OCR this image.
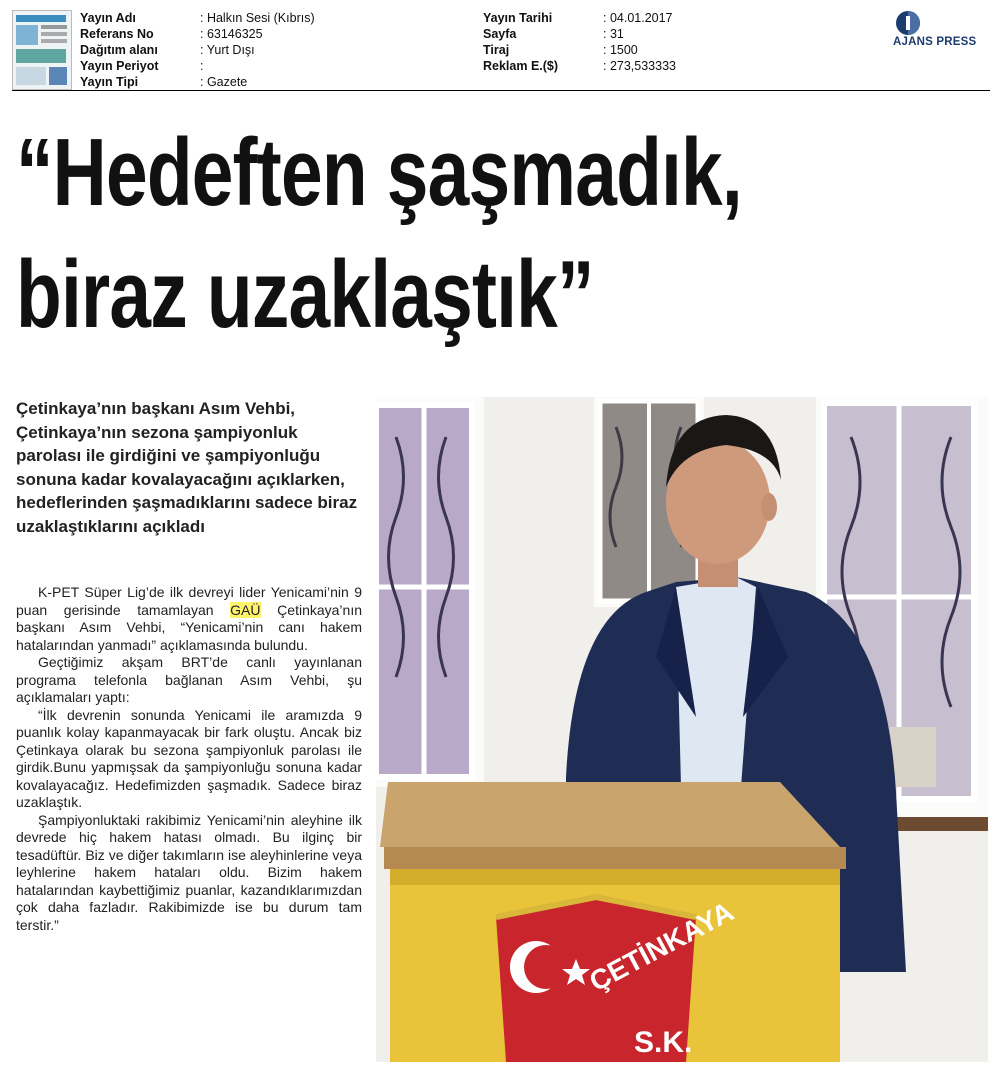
Yayın Adı	: Halkın Sesi (Kıbrıs)
Referans No	: 63146325
Dağıtım alanı	: Yurt Dışı
Yayın Periyot	:
Yayın Tipi	: Gazete
Yayın Tarihi	: 04.01.2017
Sayfa	: 31
Tiraj	: 1500
Reklam E.($)	: 273,533333
AJANS PRESS
“Hedeften şaşmadık,
biraz uzaklaştık”

Çetinkaya’nın başkanı Asım Vehbi, Çetinkaya’nın sezona şampiyonluk parolası ile girdiğini ve şampiyonluğu sonuna kadar kovalayacağını açıklarken, hedeflerinden şaşmadıklarını sadece biraz uzaklaştıklarını açıkladı

K-PET Süper Lig’de ilk devreyi lider Yenicami’nin 9 puan gerisinde tamamlayan GAÜ Çetinkaya’nın başkanı Asım Vehbi, “Yenicami’nin canı hakem hatalarından yanmadı” açıklamasında bulundu.

Geçtiğimiz akşam BRT’de canlı yayınlanan programa telefonla bağlanan Asım Vehbi, şu açıklamaları yaptı:

“İlk devrenin sonunda Yenicami ile aramızda 9 puanlık kolay kapanmayacak bir fark oluştu. Ancak biz Çetinkaya olarak bu sezona şampiyonluk parolası ile girdik.Bunu yapmışsak da şampiyonluğu sonuna kadar kovalayacağız. Hedefimizden şaşmadık. Sadece biraz uzaklaştık.

Şampiyonluktaki rakibimiz Yenicami’nin aleyhine ilk devrede hiç hakem hatası olmadı. Bu ilginç bir tesadüftür. Biz ve diğer takımların ise aleyhinlerine veya leyhlerine hakem hataları oldu. Bizim hakem hatalarından kaybettiğimiz puanlar, kazandıklarımızdan çok daha fazladır. Rakibimizde ise bu durum tam terstir.”	ÇETİNKAYA
S.K.
